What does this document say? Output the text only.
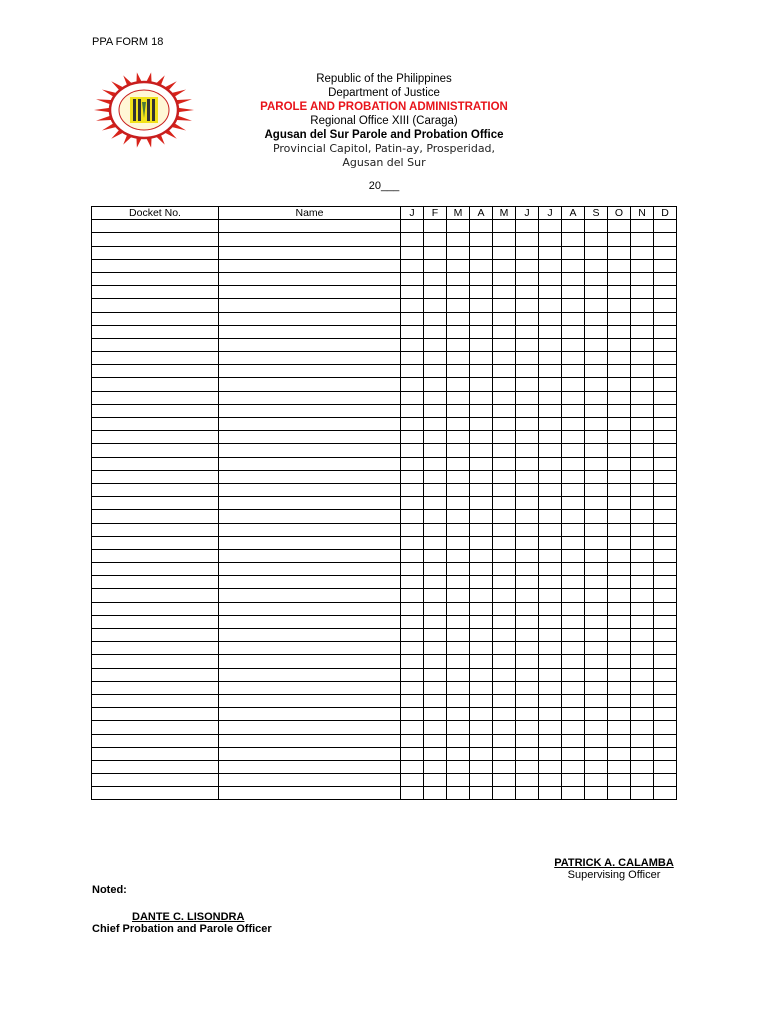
PPA FORM 18
Republic of the Philippines
Department of Justice
PAROLE AND PROBATION ADMINISTRATION
Regional Office XIII (Caraga)
Agusan del Sur Parole and Probation Office
Provincial Capitol, Patin-ay, Prosperidad,
Agusan del Sur
20___
Docket No.	Name	J	F	M	A	M	J	J	A	S	O	N	D

PATRICK A. CALAMBA
Supervising Officer
Noted:
DANTE C. LISONDRA
Chief Probation and Parole Officer
